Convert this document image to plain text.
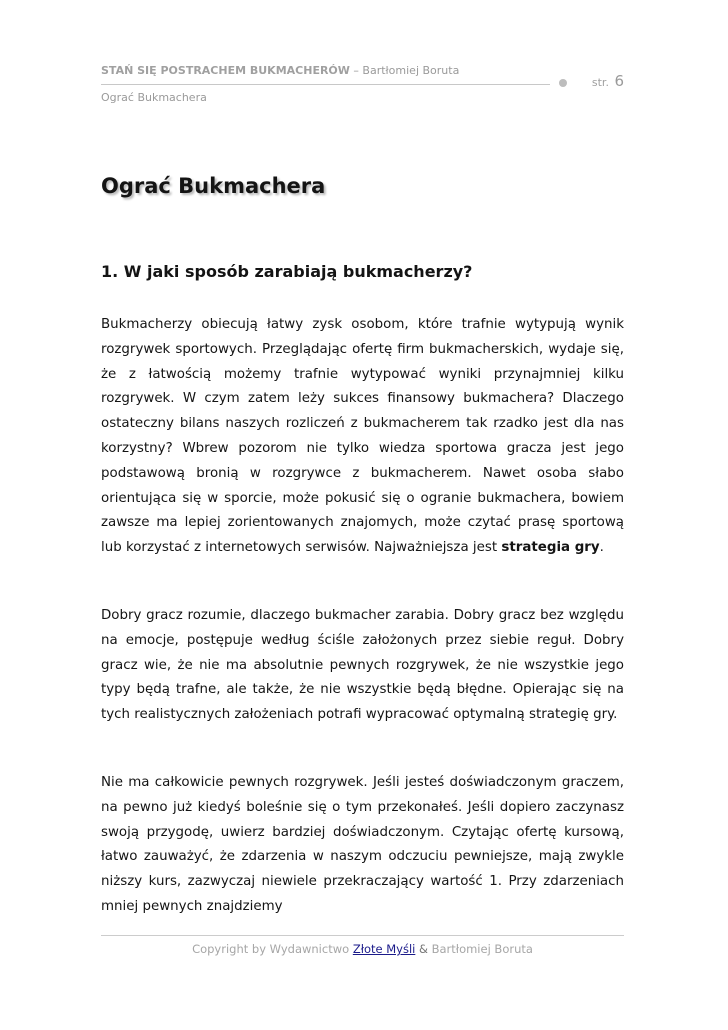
STAŃ SIĘ POSTRACHEM BUKMACHERÓW – Bartłomiej Boruta
str. 6
Ograć Bukmachera
Ograć Bukmachera
1. W jaki sposób zarabiają bukmacherzy?

Bukmacherzy obiecują łatwy zysk osobom, które trafnie wytypują wynik rozgrywek sportowych. Przeglądając ofertę firm bukmacherskich, wydaje się, że z łatwością możemy trafnie wytypować wyniki przynajmniej kilku rozgrywek. W czym zatem leży sukces finansowy bukmachera? Dlaczego ostateczny bilans naszych rozliczeń z bukmacherem tak rzadko jest dla nas korzystny? Wbrew pozorom nie tylko wiedza sportowa gracza jest jego podstawową bronią w rozgrywce z bukmacherem. Nawet osoba słabo orientująca się w sporcie, może pokusić się o ogranie bukmachera, bowiem zawsze ma lepiej zorientowanych znajomych, może czytać prasę sportową lub korzystać z internetowych serwisów. Najważniejsza jest strategia gry.

Dobry gracz rozumie, dlaczego bukmacher zarabia. Dobry gracz bez względu na emocje, postępuje według ściśle założonych przez siebie reguł. Dobry gracz wie, że nie ma absolutnie pewnych rozgrywek, że nie wszystkie jego typy będą trafne, ale także, że nie wszystkie będą błędne. Opierając się na tych realistycznych założeniach potrafi wypracować optymalną strategię gry.

Nie ma całkowicie pewnych rozgrywek. Jeśli jesteś doświadczonym graczem, na pewno już kiedyś boleśnie się o tym przekonałeś. Jeśli dopiero zaczynasz swoją przygodę, uwierz bardziej doświadczonym. Czytając ofertę kursową, łatwo zauważyć, że zdarzenia w naszym odczuciu pewniejsze, mają zwykle niższy kurs, zazwyczaj niewiele przekraczający wartość 1. Przy zdarzeniach mniej pewnych znajdziemy

Copyright by Wydawnictwo Złote Myśli & Bartłomiej Boruta
